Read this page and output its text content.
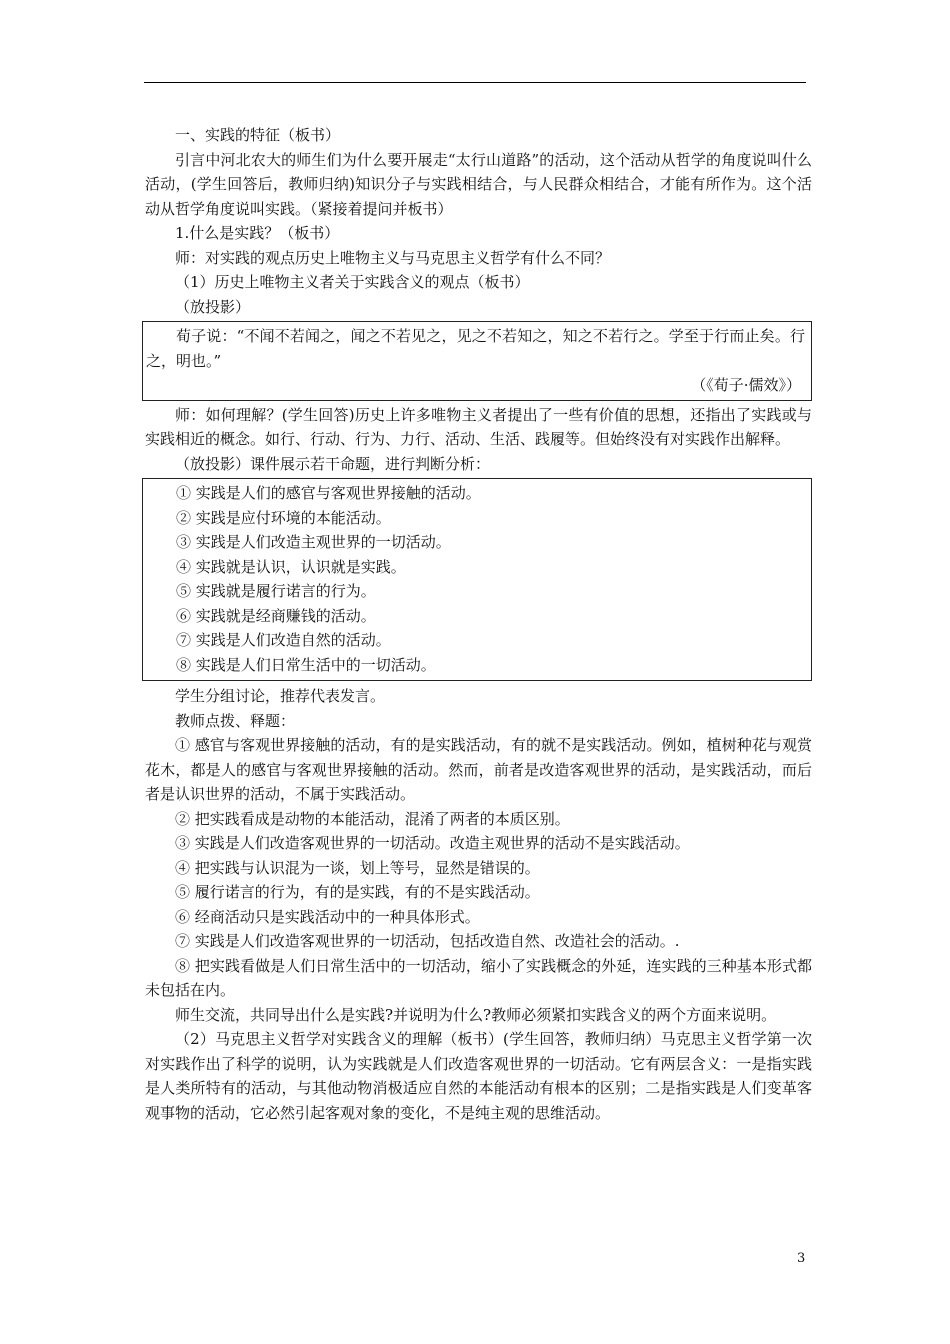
一、实践的特征（板书）

引言中河北农大的师生们为什么要开展走“太行山道路”的活动，这个活动从哲学的角度说叫什么活动，(学生回答后，教师归纳)知识分子与实践相结合，与人民群众相结合，才能有所作为。这个活动从哲学角度说叫实践。（紧接着提问并板书）

1.什么是实践？（板书）

师：对实践的观点历史上唯物主义与马克思主义哲学有什么不同？

（1）历史上唯物主义者关于实践含义的观点（板书）

（放投影）

荀子说：“不闻不若闻之，闻之不若见之，见之不若知之，知之不若行之。学至于行而止矣。行之，明也。”

（《荀子·儒效》）

师：如何理解？(学生回答)历史上许多唯物主义者提出了一些有价值的思想，还指出了实践或与实践相近的概念。如行、行动、行为、力行、活动、生活、践履等。但始终没有对实践作出解释。

（放投影）课件展示若干命题，进行判断分析：

① 实践是人们的感官与客观世界接触的活动。

② 实践是应付环境的本能活动。

③ 实践是人们改造主观世界的一切活动。

④ 实践就是认识，认识就是实践。

⑤ 实践就是履行诺言的行为。

⑥ 实践就是经商赚钱的活动。

⑦ 实践是人们改造自然的活动。

⑧ 实践是人们日常生活中的一切活动。

学生分组讨论，推荐代表发言。

教师点拨、释题：

① 感官与客观世界接触的活动，有的是实践活动，有的就不是实践活动。例如，植树种花与观赏花木，都是人的感官与客观世界接触的活动。然而，前者是改造客观世界的活动，是实践活动，而后者是认识世界的活动，不属于实践活动。

② 把实践看成是动物的本能活动，混淆了两者的本质区别。

③ 实践是人们改造客观世界的一切活动。改造主观世界的活动不是实践活动。

④ 把实践与认识混为一谈，划上等号，显然是错误的。

⑤ 履行诺言的行为，有的是实践，有的不是实践活动。

⑥ 经商活动只是实践活动中的一种具体形式。

⑦ 实践是人们改造客观世界的一切活动，包括改造自然、改造社会的活动。.

⑧ 把实践看做是人们日常生活中的一切活动，缩小了实践概念的外延，连实践的三种基本形式都未包括在内。

师生交流，共同导出什么是实践?并说明为什么?教师必须紧扣实践含义的两个方面来说明。

（2）马克思主义哲学对实践含义的理解（板书）(学生回答，教师归纳）马克思主义哲学第一次对实践作出了科学的说明，认为实践就是人们改造客观世界的一切活动。它有两层含义：一是指实践是人类所特有的活动，与其他动物消极适应自然的本能活动有根本的区别；二是指实践是人们变革客观事物的活动，它必然引起客观对象的变化，不是纯主观的思维活动。

3
